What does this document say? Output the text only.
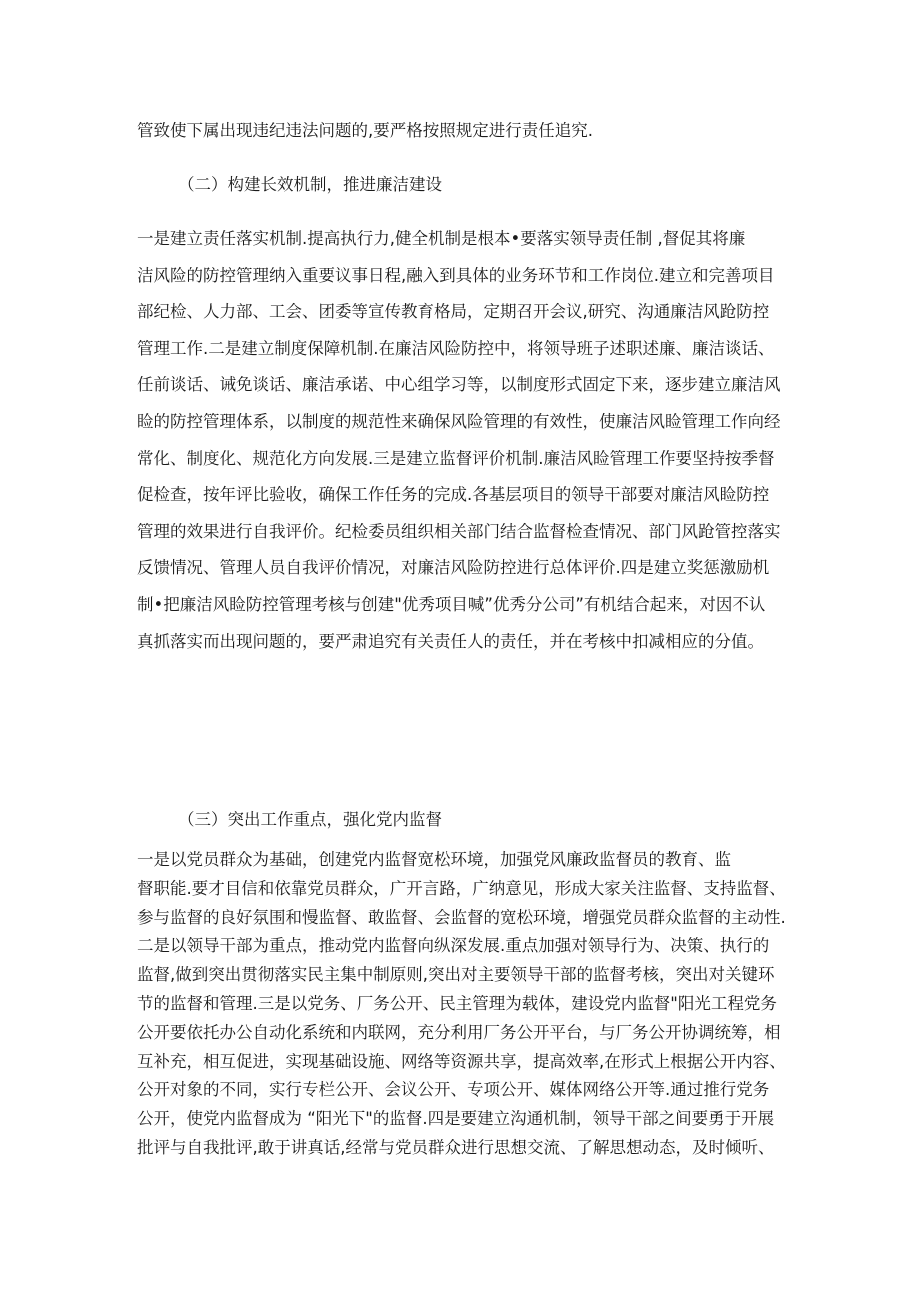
管致使下属出现违纪违法问题的,要严格按照规定进行责任追究.

（二）构建长效机制，推进廉洁建设

一是建立责任落实机制.提高执行力,健全机制是根本•要落实领导责任制 ,督促其将廉
洁风险的防控管理纳入重要议事日程,融入到具体的业务环节和工作岗位.建立和完善项目
部纪检、人力部、工会、团委等宣传教育格局，定期召开会议,研究、沟通廉洁风跄防控
管理工作.二是建立制度保障机制.在廉洁风险防控中，将领导班子述职述廉、廉洁谈话、
任前谈话、诫免谈话、廉洁承诺、中心组学习等，以制度形式固定下来，逐步建立廉洁风
睑的防控管理体系，以制度的规范性来确保风险管理的有效性，使廉洁风睑管理工作向经
常化、制度化、规范化方向发展.三是建立监督评价机制.廉洁风睑管理工作要坚持按季督
促检查，按年评比验收，确保工作任务的完成.各基层项目的领导干部要对廉洁风睑防控
管理的效果进行自我评价。纪检委员组织相关部门结合监督检查情况、部门风跄管控落实
反馈情况、管理人员自我评价情况，对廉洁风险防控进行总体评价.四是建立奖惩激励机
制•把廉洁风睑防控管理考核与创建"优秀项目喊”优秀分公司”有机结合起来，对因不认
真抓落实而出现问题的，要严肃追究有关责任人的责任，并在考核中扣减相应的分值。

（三）突出工作重点，强化党内监督

一是以党员群众为基础，创建党内监督宽松环境，加强党风廉政监督员的教育、监
督职能.要才目信和依靠党员群众，广开言路，广纳意见，形成大家关注监督、支持监督、
参与监督的良好氛围和慢监督、敢监督、会监督的宽松环境，增强党员群众监督的主动性.
二是以领导干部为重点，推动党内监督向纵深发展.重点加强对领导行为、决策、执行的
监督,做到突出贯彻落实民主集中制原则,突出对主要领导干部的监督考核，突出对关键环
节的监督和管理.三是以党务、厂务公开、民主管理为载体，建设党内监督"阳光工程党务
公开要依托办公自动化系统和内联网，充分利用厂务公开平台，与厂务公开协调统筹，相
互补充，相互促进，实现基础设施、网络等资源共享，提高效率,在形式上根据公开内容、
公开对象的不同，实行专栏公开、会议公开、专项公开、媒体网络公开等.通过推行党务
公开，使党内监督成为 “阳光下"的监督.四是要建立沟通机制，领导干部之间要勇于开展
批评与自我批评,敢于讲真话,经常与党员群众进行思想交流、了解思想动态，及时倾听、
